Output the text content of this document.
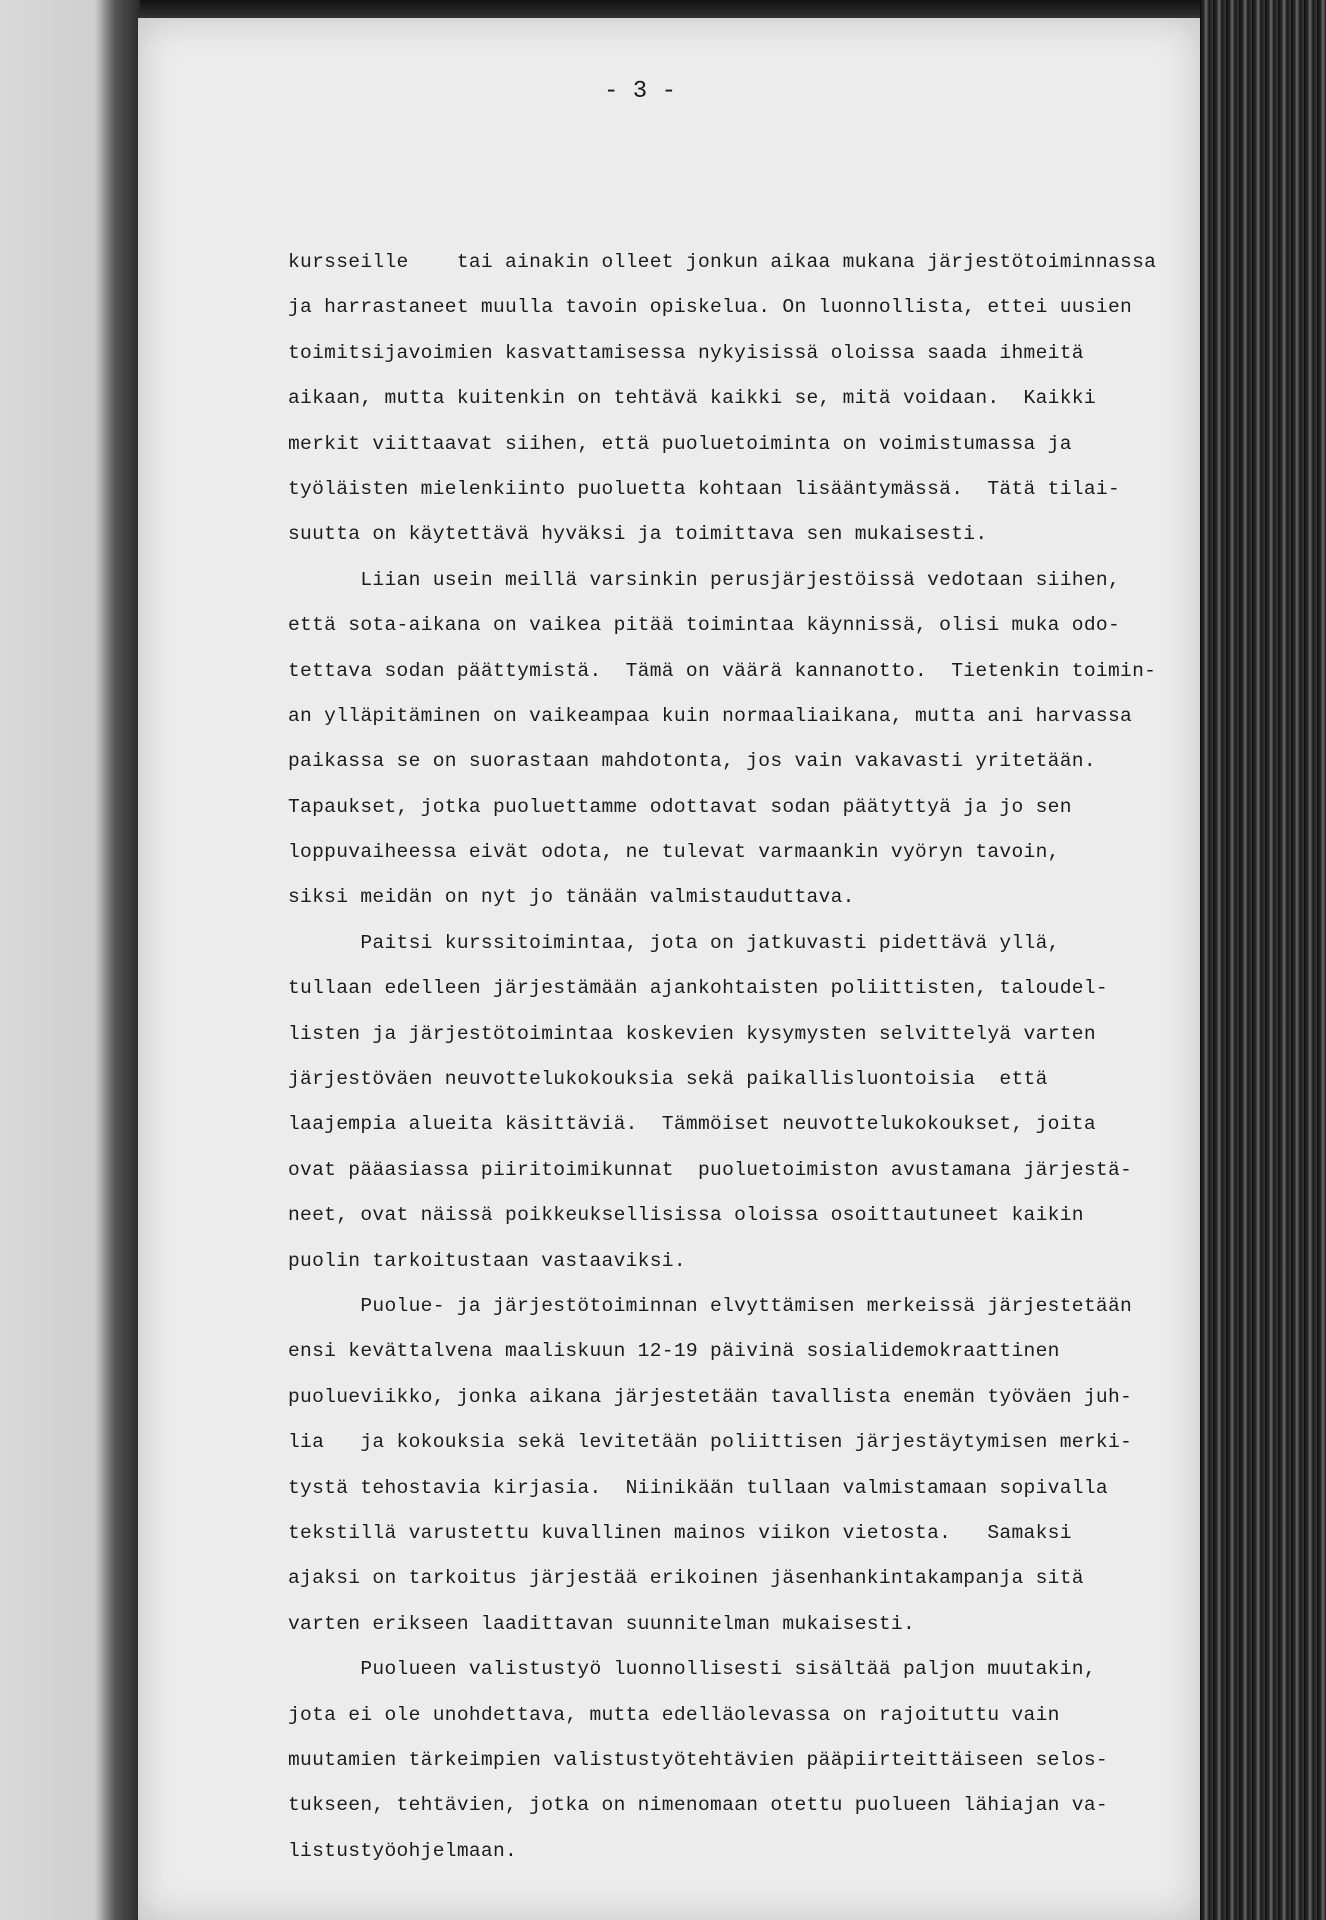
- 3 -
kursseille    tai ainakin olleet jonkun aikaa mukana järjestötoiminnassa
ja harrastaneet muulla tavoin opiskelua. On luonnollista, ettei uusien
toimitsijavoimien kasvattamisessa nykyisissä oloissa saada ihmeitä
aikaan, mutta kuitenkin on tehtävä kaikki se, mitä voidaan.  Kaikki
merkit viittaavat siihen, että puoluetoiminta on voimistumassa ja
työläisten mielenkiinto puoluetta kohtaan lisääntymässä.  Tätä tilai-
suutta on käytettävä hyväksi ja toimittava sen mukaisesti.
Liian usein meillä varsinkin perusjärjestöissä vedotaan siihen,
että sota-aikana on vaikea pitää toimintaa käynnissä, olisi muka odo-
tettava sodan päättymistä.  Tämä on väärä kannanotto.  Tietenkin toimin-
an ylläpitäminen on vaikeampaa kuin normaaliaikana, mutta ani harvassa
paikassa se on suorastaan mahdotonta, jos vain vakavasti yritetään.
Tapaukset, jotka puoluettamme odottavat sodan päätyttyä ja jo sen
loppuvaiheessa eivät odota, ne tulevat varmaankin vyöryn tavoin,
siksi meidän on nyt jo tänään valmistauduttava.
Paitsi kurssitoimintaa, jota on jatkuvasti pidettävä yllä,
tullaan edelleen järjestämään ajankohtaisten poliittisten, taloudel-
listen ja järjestötoimintaa koskevien kysymysten selvittelyä varten
järjestöväen neuvottelukokouksia sekä paikallisluontoisia  että
laajempia alueita käsittäviä.  Tämmöiset neuvottelukokoukset, joita
ovat pääasiassa piiritoimikunnat  puoluetoimiston avustamana järjestä-
neet, ovat näissä poikkeuksellisissa oloissa osoittautuneet kaikin
puolin tarkoitustaan vastaaviksi.
Puolue- ja järjestötoiminnan elvyttämisen merkeissä järjestetään
ensi kevättalvena maaliskuun 12-19 päivinä sosialidemokraattinen
puolueviikko, jonka aikana järjestetään tavallista enemän työväen juh-
lia   ja kokouksia sekä levitetään poliittisen järjestäytymisen merki-
tystä tehostavia kirjasia.  Niinikään tullaan valmistamaan sopivalla
tekstillä varustettu kuvallinen mainos viikon vietosta.   Samaksi
ajaksi on tarkoitus järjestää erikoinen jäsenhankintakampanja sitä
varten erikseen laadittavan suunnitelman mukaisesti.
Puolueen valistustyö luonnollisesti sisältää paljon muutakin,
jota ei ole unohdettava, mutta edelläolevassa on rajoituttu vain
muutamien tärkeimpien valistustyötehtävien pääpiirteittäiseen selos-
tukseen, tehtävien, jotka on nimenomaan otettu puolueen lähiajan va-
listustyöohjelmaan.
